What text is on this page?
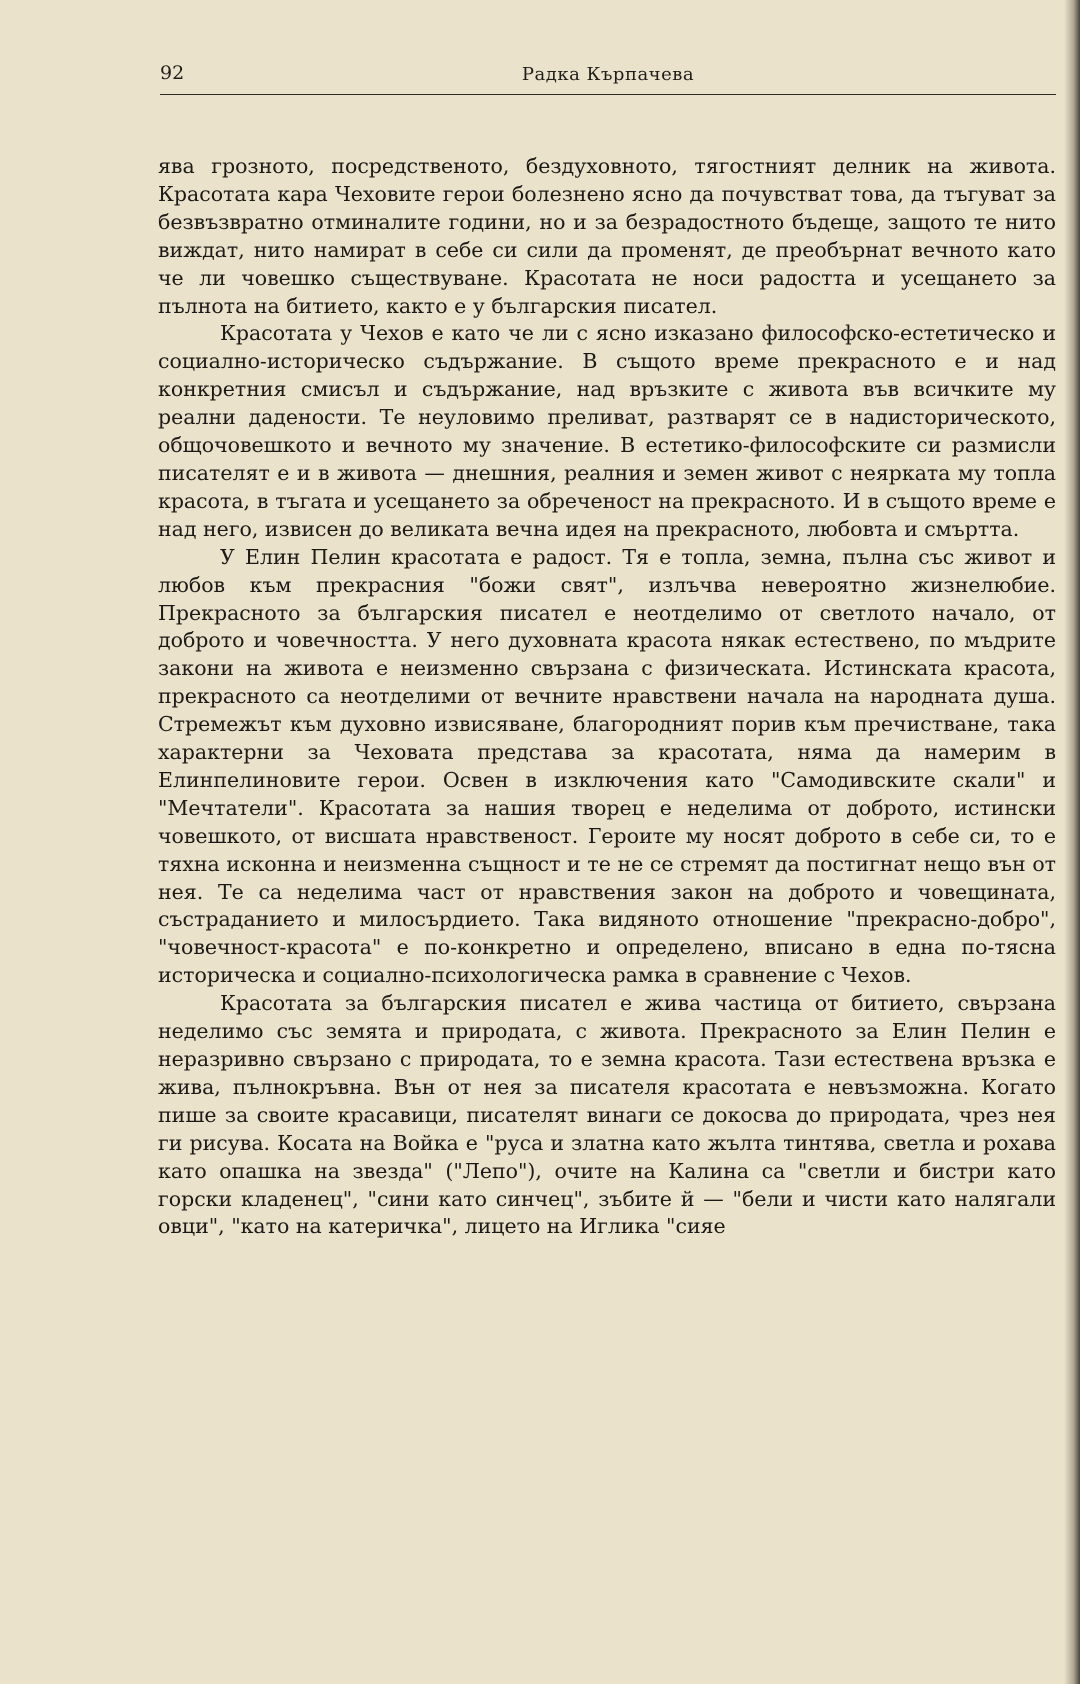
92	Радка Кърпачева

ява грозното, посредственото, бездуховното, тягостният делник на живота. Красотата кара Чеховите герои болезнено ясно да почувстват това, да тъгуват за безвъзвратно отминалите години, но и за безрадостното бъдеще, защото те нито виждат, нито намират в себе си сили да променят, де преобърнат вечното като че ли човешко съществуване. Красотата не носи радостта и усещането за пълнота на битието, както е у българския писател.

Красотата у Чехов е като че ли с ясно изказано философско-естетическо и социално-историческо съдържание. В същото време прекрасното е и над конкретния смисъл и съдържание, над връзките с живота във всичките му реални дадености. Те неуловимо преливат, разтварят се в надисторическото, общочовешкото и вечното му значение. В естетико-философските си размисли писателят е и в живота — днешния, реалния и земен живот с неярката му топла красота, в тъгата и усещането за обреченост на прекрасното. И в същото време е над него, извисен до великата вечна идея на прекрасното, любовта и смъртта.

У Елин Пелин красотата е радост. Тя е топла, земна, пълна със живот и любов към прекрасния "божи свят", излъчва невероятно жизнелюбие. Прекрасното за българския писател е неотделимо от светлото начало, от доброто и човечността. У него духовната красота някак естествено, по мъдрите закони на живота е неизменно свързана с физическата. Истинската красота, прекрасното са неотделими от вечните нравствени начала на народната душа. Стремежът към духовно извисяване, благородният порив към пречистване, така характерни за Чеховата представа за красотата, няма да намерим в Елинпелиновите герои. Освен в изключения като "Самодивските скали" и "Мечтатели". Красотата за нашия творец е неделима от доброто, истински човешкото, от висшата нравственост. Героите му носят доброто в себе си, то е тяхна исконна и неизменна същност и те не се стремят да постигнат нещо вън от нея. Те са неделима част от нравствения закон на доброто и човещината, състраданието и милосърдието. Така видяното отношение "прекрасно-добро", "човечност-красота" е по-конкретно и определено, вписано в една по-тясна историческа и социално-психологическа рамка в сравнение с Чехов.

Красотата за българския писател е жива частица от битието, свързана неделимо със земята и природата, с живота. Прекрасното за Елин Пелин е неразривно свързано с природата, то е земна красота. Тази естествена връзка е жива, пълнокръвна. Вън от нея за писателя красотата е невъзможна. Когато пише за своите красавици, писателят винаги се докосва до природата, чрез нея ги рисува. Косата на Войка е "руса и златна като жълта тинтява, светла и рохава като опашка на звезда" ("Лепо"), очите на Калина са "светли и бистри като горски кладенец", "сини като синчец", зъбите й — "бели и чисти като налягали овци", "като на катеричка", лицето на Иглика "сияе
